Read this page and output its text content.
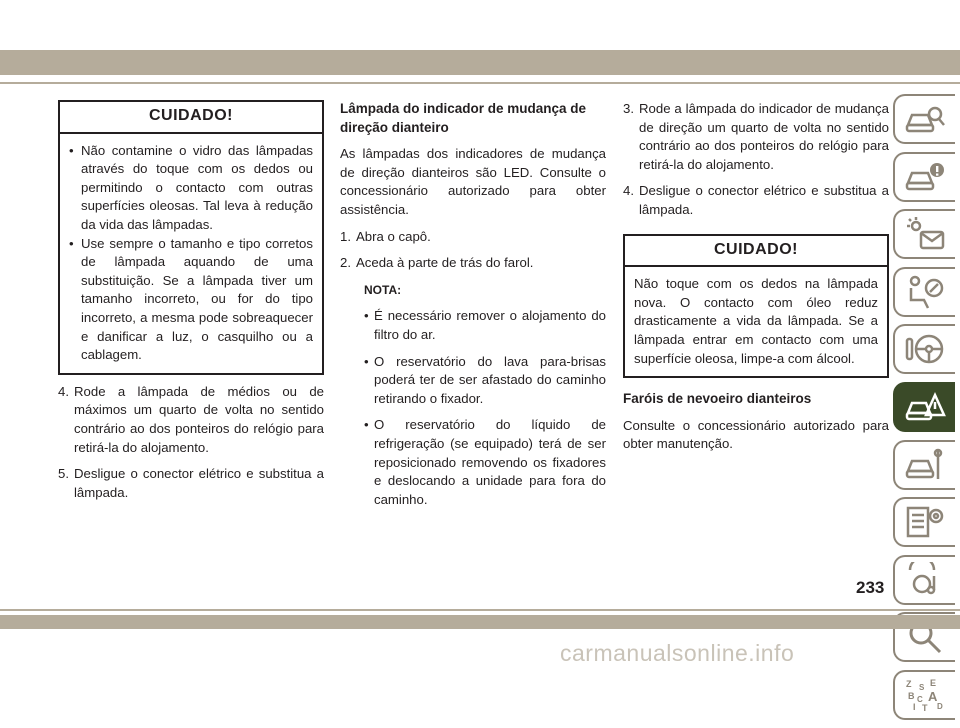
CUIDADO!
• Não contamine o vidro das lâmpadas através do toque com os dedos ou permitindo o contacto com outras superfícies oleosas. Tal leva à redução da vida das lâmpadas.
• Use sempre o tamanho e tipo corretos de lâmpada aquando de uma substituição. Se a lâmpada tiver um tamanho incorreto, ou for do tipo incorreto, a mesma pode sobreaquecer e danificar a luz, o casquilho ou a cablagem.
4. Rode a lâmpada de médios ou de máximos um quarto de volta no sentido contrário ao dos ponteiros do relógio para retirá-la do alojamento.
5. Desligue o conector elétrico e substitua a lâmpada.
Lâmpada do indicador de mudança de direção dianteiro

As lâmpadas dos indicadores de mudança de direção dianteiros são LED. Consulte o concessionário autorizado para obter assistência.

1. Abra o capô.
2. Aceda à parte de trás do farol.
NOTA:
• É necessário remover o alojamento do filtro do ar.
• O reservatório do lava para-brisas poderá ter de ser afastado do caminho retirando o fixador.
• O reservatório do líquido de refrigeração (se equipado) terá de ser reposicionado removendo os fixadores e deslocando a unidade para fora do caminho.
3. Rode a lâmpada do indicador de mudança de direção um quarto de volta no sentido contrário ao dos ponteiros do relógio para retirá-la do alojamento.
4. Desligue o conector elétrico e substitua a lâmpada.
CUIDADO!
Não toque com os dedos na lâmpada nova. O contacto com óleo reduz drasticamente a vida da lâmpada. Se a lâmpada entrar em contacto com uma superfície oleosa, limpe-a com álcool.
Faróis de nevoeiro dianteiros

Consulte o concessionário autorizado para obter manutenção.

Z E
S
B A
I
C
T D
233
carmanualsonline.info
